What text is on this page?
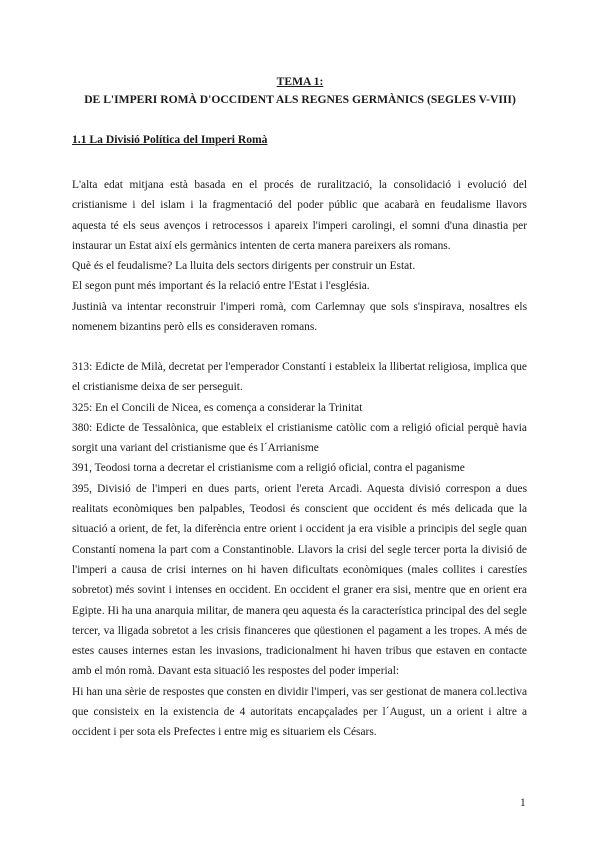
TEMA 1:
DE L'IMPERI ROMÀ D'OCCIDENT ALS REGNES GERMÀNICS (SEGLES V-VIII)
1.1 La Divisió Política del Imperi Romà

L'alta edat mitjana està basada en el procés de ruralització, la consolidació i evolució del cristianisme i del islam i la fragmentació del poder públic que acabarà en feudalisme llavors aquesta té els seus avenços i retrocessos i apareix l'imperi carolingi, el somni d'una dinastia per instaurar un Estat així els germànics intenten de certa manera pareixers als romans.

Què és el feudalisme? La lluita dels sectors dirigents per construir un Estat.

El segon punt més important és la relació entre l'Estat i l'església.

Justinià va intentar reconstruir l'imperi romà, com Carlemnay que sols s'inspirava, nosaltres els nomenem bizantins però ells es consideraven romans.

313: Edicte de Milà, decretat per l'emperador Constantí i estableix la llibertat religiosa, implica que el cristianisme deixa de ser perseguit.

325: En el Concili de Nicea, es comença a considerar la Trinitat

380: Edicte de Tessalònica, que estableix el cristianisme catòlic com a religió oficial perquè havia sorgit una variant del cristianisme que és l´Arrianisme

391, Teodosi torna a decretar el cristianisme com a religió oficial, contra el paganisme

395, Divisió de l'imperi en dues parts, orient l'ereta Arcadi. Aquesta divisió correspon a dues realitats econòmiques ben palpables, Teodosi és conscient que occident és més delicada que la situació a orient, de fet, la diferència entre orient i occident ja era visible a principis del segle quan Constantí nomena la part com a Constantinoble. Llavors la crisi del segle tercer porta la divisió de l'imperi a causa de crisi internes on hi haven dificultats econòmiques (males collites i carestíes sobretot) més sovint i intenses en occident. En occident el graner era sisi, mentre que en orient era Egipte. Hi ha una anarquia militar, de manera qeu aquesta és la característica principal des del segle tercer, va lligada sobretot a les crisis financeres que qüestionen el pagament a les tropes. A més de estes causes internes estan les invasions, tradicionalment hi haven tribus que estaven en contacte amb el món romà. Davant esta situació les respostes del poder imperial:

Hi han una sèrie de respostes que consten en dividir l'imperi, vas ser gestionat de manera col.lectiva que consisteix en la existencia de 4 autoritats encapçalades per l´August, un a orient i altre a occident i per sota els Prefectes i entre mig es situariem els Césars.

1
